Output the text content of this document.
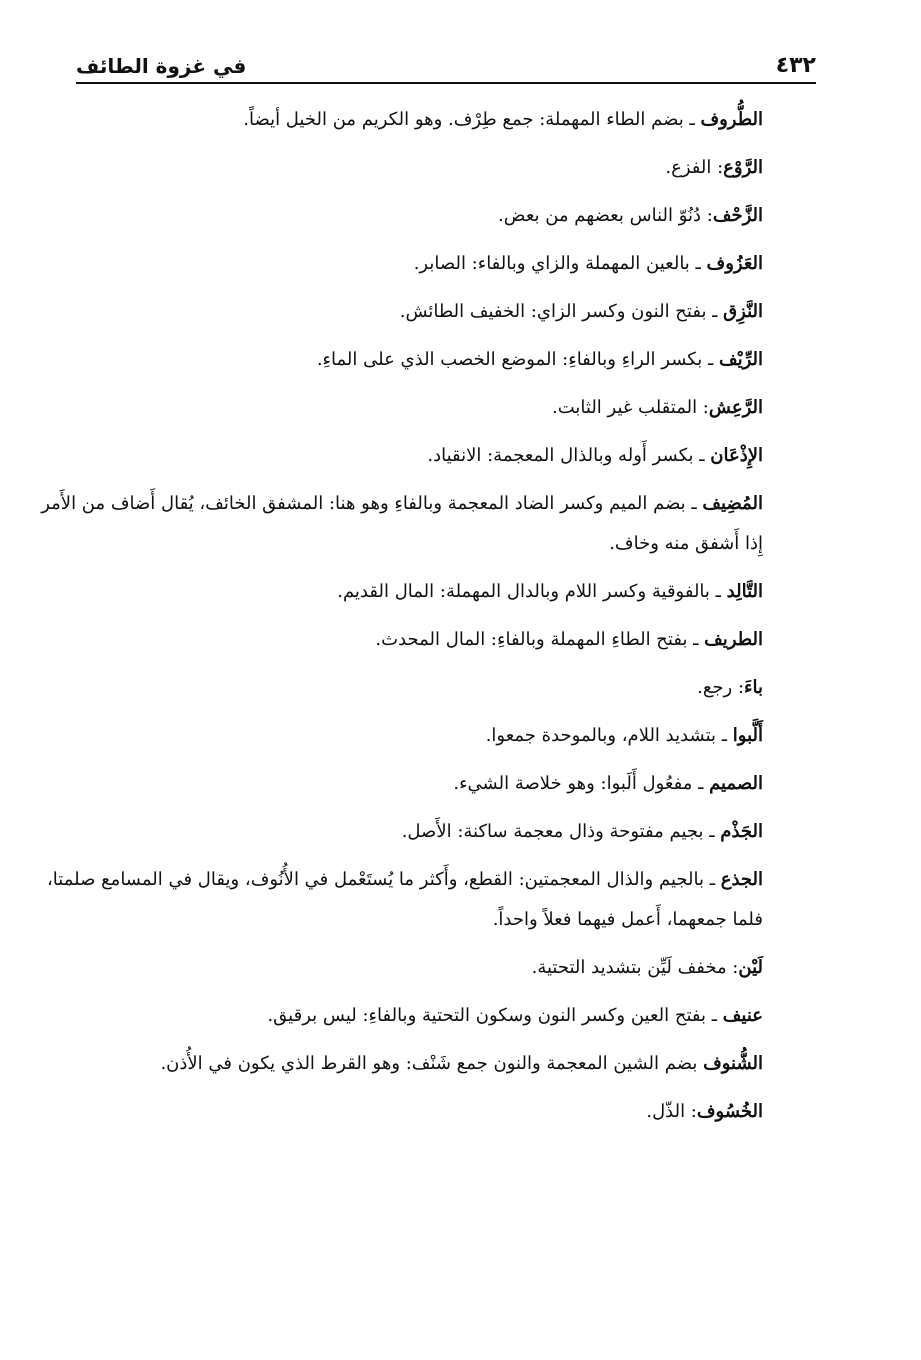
٤٣٢
في غزوة الطائف

الطُّروف ـ بضم الطاء المهملة: جمع طِرْف. وهو الكريم من الخيل أيضاً.

الرَّوْع: الفزع.

الزَّحْف: دُنُوّ الناس بعضهم من بعض.

العَزُوف ـ بالعين المهملة والزاي وبالفاء: الصابر.

النَّزِق ـ بفتح النون وكسر الزاي: الخفيف الطائش.

الرِّيْف ـ بكسر الراءِ وبالفاءِ: الموضع الخصب الذي على الماءِ.

الرَّعِش: المتقلب غير الثابت.

الإِذْعَان ـ بكسر أَوله وبالذال المعجمة: الانقياد.

المُضِيف ـ بضم الميم وكسر الضاد المعجمة وبالفاءِ وهو هنا: المشفق الخائف، يُقال أَضاف من الأَمر إِذا أَشفق منه وخاف.

التَّالِد ـ بالفوقية وكسر اللام وبالدال المهملة: المال القديم.

الطريف ـ بفتح الطاءِ المهملة وبالفاءِ: المال المحدث.

باءَ: رجع.

أَلَّبوا ـ بتشديد اللام، وبالموحدة جمعوا.

الصميم ـ مفعُول أَلَبوا: وهو خلاصة الشيء.

الجَذْم ـ بجيم مفتوحة وذال معجمة ساكنة: الأَصل.

الجذع ـ بالجيم والذال المعجمتين: القطع، وأَكثر ما يُستَعْمل في الأُنُوف، ويقال في المسامع صلمتا، فلما جمعهما، أَعمل فيهما فعلاً واحداً.

لَيْن: مخفف لَيِّن بتشديد التحتية.

عنيف ـ بفتح العين وكسر النون وسكون التحتية وبالفاءِ: ليس برقيق.

الشُّنوف بضم الشين المعجمة والنون جمع شَنْف: وهو القرط الذي يكون في الأُذن.

الخُسُوف: الذّل.
